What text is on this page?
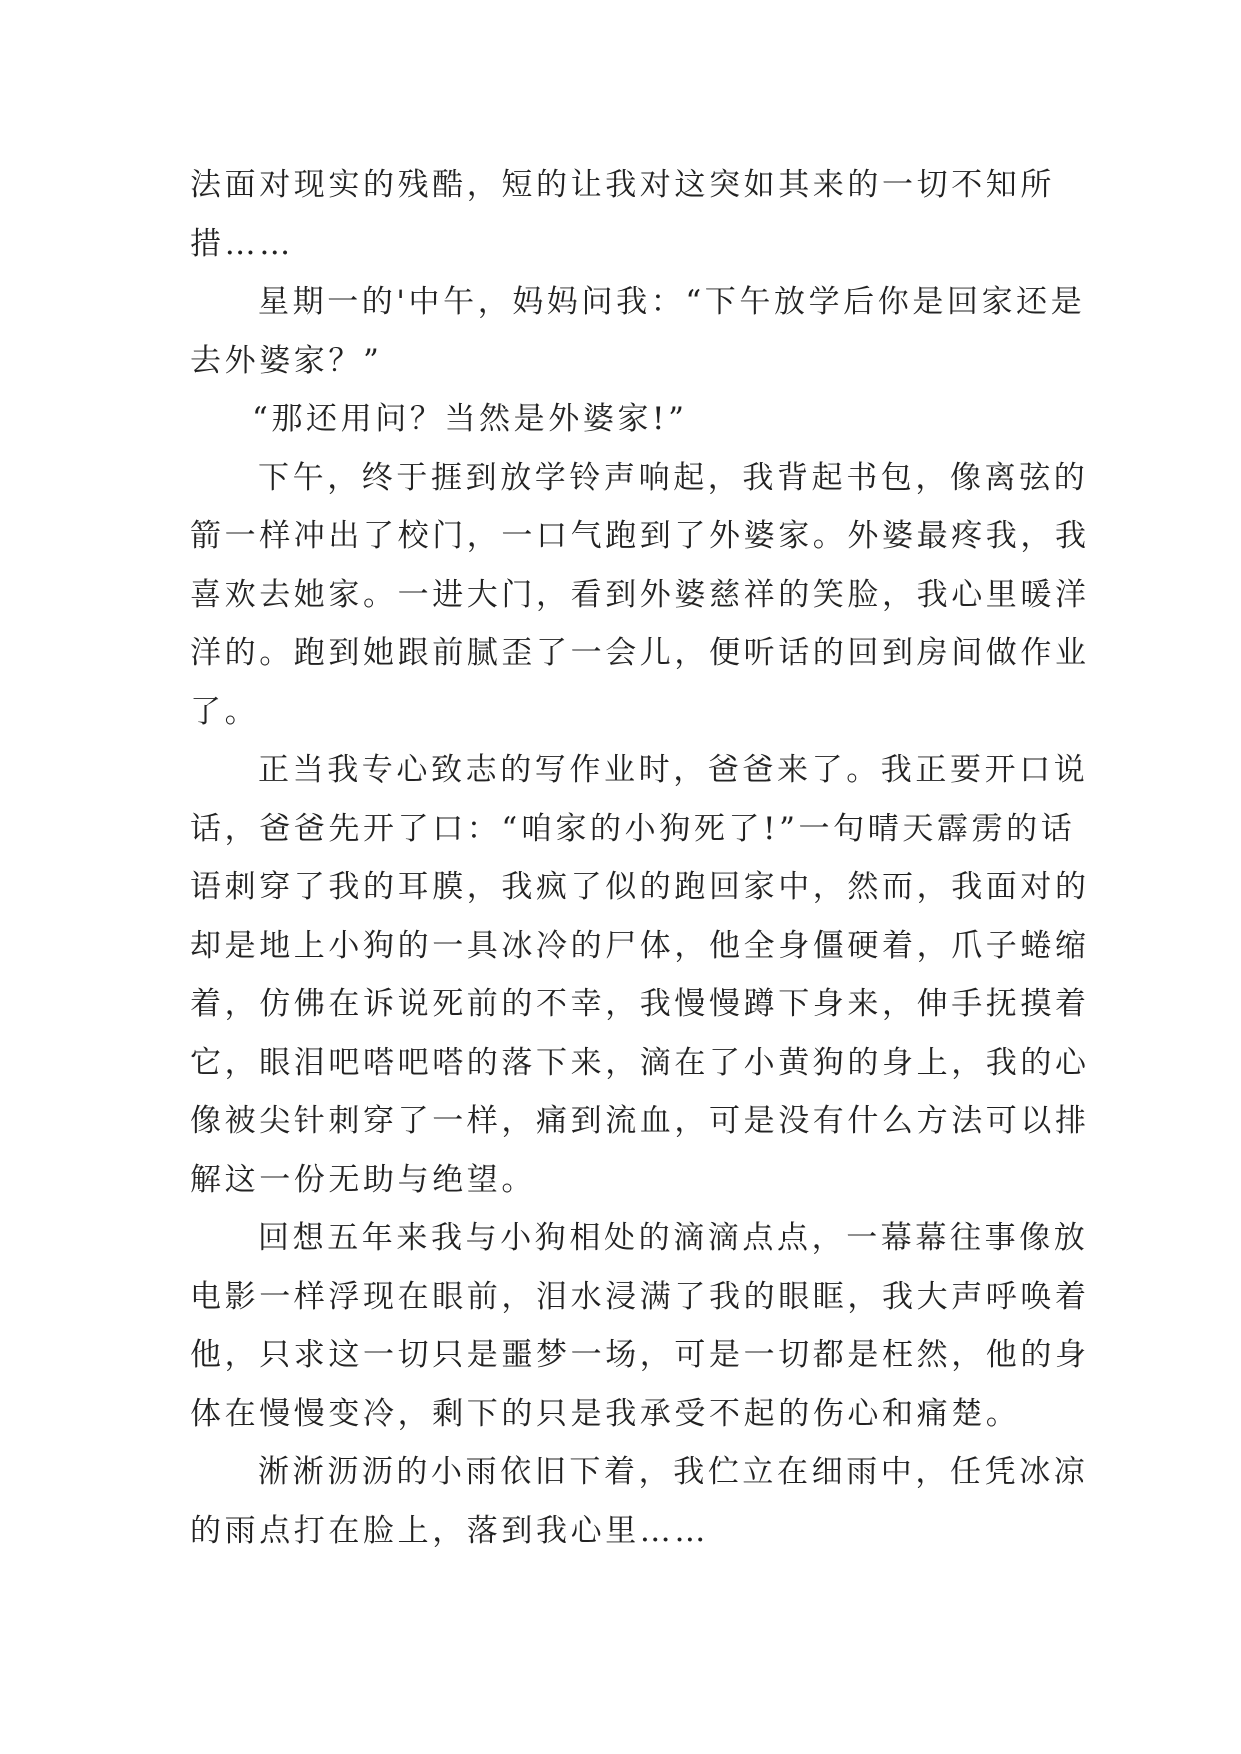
法面对现实的残酷，短的让我对这突如其来的一切不知所
措……
星期一的'中午，妈妈问我：“下午放学后你是回家还是
去外婆家？”
“那还用问？当然是外婆家!”
下午，终于捱到放学铃声响起，我背起书包，像离弦的
箭一样冲出了校门，一口气跑到了外婆家。外婆最疼我，我
喜欢去她家。一进大门，看到外婆慈祥的笑脸，我心里暖洋
洋的。跑到她跟前腻歪了一会儿，便听话的回到房间做作业
了。
正当我专心致志的写作业时，爸爸来了。我正要开口说
话，爸爸先开了口：“咱家的小狗死了!”一句晴天霹雳的话
语刺穿了我的耳膜，我疯了似的跑回家中，然而，我面对的
却是地上小狗的一具冰冷的尸体，他全身僵硬着，爪子蜷缩
着，仿佛在诉说死前的不幸，我慢慢蹲下身来，伸手抚摸着
它，眼泪吧嗒吧嗒的落下来，滴在了小黄狗的身上，我的心
像被尖针刺穿了一样，痛到流血，可是没有什么方法可以排
解这一份无助与绝望。
回想五年来我与小狗相处的滴滴点点，一幕幕往事像放
电影一样浮现在眼前，泪水浸满了我的眼眶，我大声呼唤着
他，只求这一切只是噩梦一场，可是一切都是枉然，他的身
体在慢慢变冷，剩下的只是我承受不起的伤心和痛楚。
淅淅沥沥的小雨依旧下着，我伫立在细雨中，任凭冰凉
的雨点打在脸上，落到我心里……
